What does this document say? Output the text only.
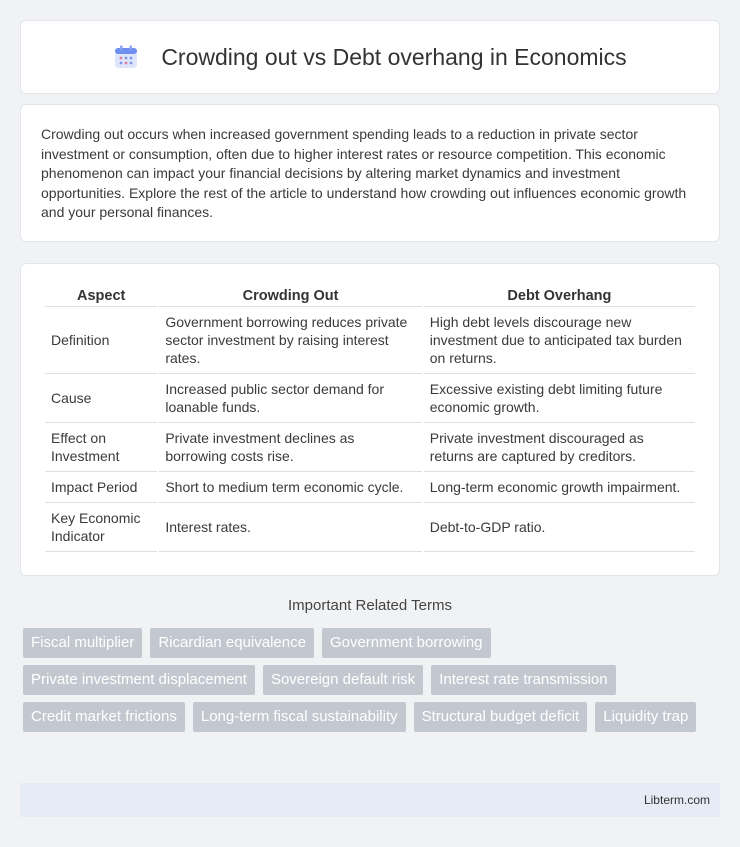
Crowding out vs Debt overhang in Economics

Crowding out occurs when increased government spending leads to a reduction in private sector investment or consumption, often due to higher interest rates or resource competition. This economic phenomenon can impact your financial decisions by altering market dynamics and investment opportunities. Explore the rest of the article to understand how crowding out influences economic growth and your personal finances.

Aspect	Crowding Out	Debt Overhang
Definition	Government borrowing reduces private sector investment by raising interest rates.	High debt levels discourage new investment due to anticipated tax burden on returns.
Cause	Increased public sector demand for loanable funds.	Excessive existing debt limiting future economic growth.
Effect on Investment	Private investment declines as borrowing costs rise.	Private investment discouraged as returns are captured by creditors.
Impact Period	Short to medium term economic cycle.	Long-term economic growth impairment.
Key Economic Indicator	Interest rates.	Debt-to-GDP ratio.
Important Related Terms
Fiscal multiplier	Ricardian equivalence	Government borrowing
Private investment displacement	Sovereign default risk	Interest rate transmission
Credit market frictions	Long-term fiscal sustainability	Structural budget deficit	Liquidity trap
Libterm.com
